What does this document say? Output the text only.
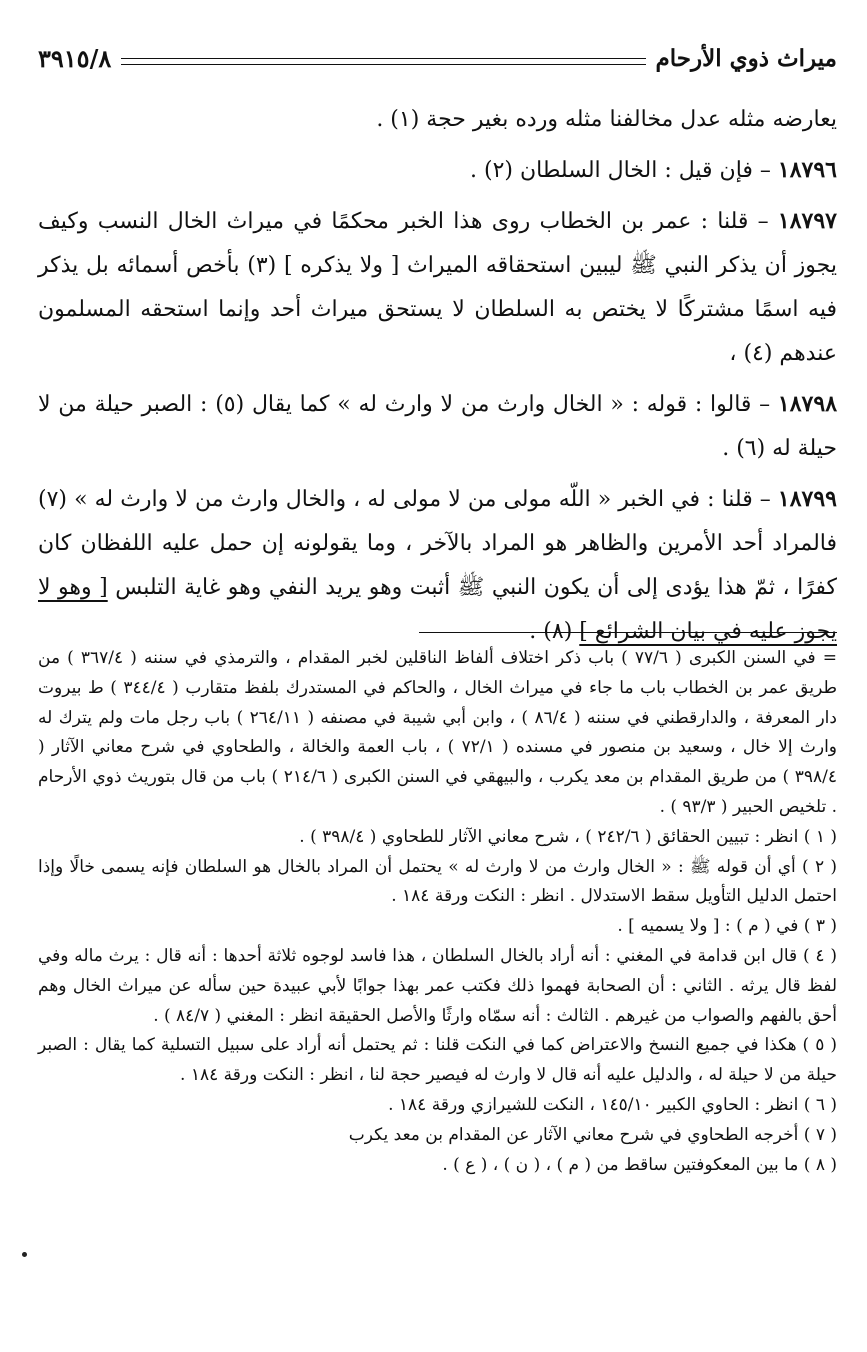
ميراث ذوي الأرحام
٣٩١٥/٨

يعارضه مثله عدل مخالفنا مثله ورده بغير حجة (١) .

١٨٧٩٦ – فإن قيل : الخال السلطان (٢) .

١٨٧٩٧ – قلنا : عمر بن الخطاب روى هذا الخبر محكمًا في ميراث الخال النسب وكيف يجوز أن يذكر النبي ﷺ ليبين استحقاقه الميراث [ ولا يذكره ] (٣) بأخص أسمائه بل يذكر فيه اسمًا مشتركًا لا يختص به السلطان لا يستحق ميراث أحد وإنما استحقه المسلمون عندهم (٤) ،

١٨٧٩٨ – قالوا : قوله : « الخال وارث من لا وارث له » كما يقال (٥) : الصبر حيلة من لا حيلة له (٦) .

١٨٧٩٩ – قلنا : في الخبر « اللّه مولى من لا مولى له ، والخال وارث من لا وارث له » (٧) فالمراد أحد الأمرين والظاهر هو المراد بالآخر ، وما يقولونه إن حمل عليه اللفظان كان كفرًا ، ثمّ هذا يؤدى إلى أن يكون النبي ﷺ أثبت وهو يريد النفي وهو غاية التلبس [ وهو لا يجوز عليه في بيان الشرائع ] (٨) .

= في السنن الكبرى ( ٧٧/٦ ) باب ذكر اختلاف ألفاظ الناقلين لخبر المقدام ، والترمذي في سننه ( ٣٦٧/٤ ) من طريق عمر بن الخطاب باب ما جاء في ميراث الخال ، والحاكم في المستدرك بلفظ متقارب ( ٣٤٤/٤ ) ط بيروت دار المعرفة ، والدارقطني في سننه ( ٨٦/٤ ) ، وابن أبي شيبة في مصنفه ( ٢٦٤/١١ ) باب رجل مات ولم يترك له وارث إلا خال ، وسعيد بن منصور في مسنده ( ٧٢/١ ) ، باب العمة والخالة ، والطحاوي في شرح معاني الآثار ( ٣٩٨/٤ ) من طريق المقدام بن معد يكرب ، والبيهقي في السنن الكبرى ( ٢١٤/٦ ) باب من قال بتوريث ذوي الأرحام . تلخيص الحبير ( ٩٣/٣ ) .

( ١ ) انظر : تبيين الحقائق ( ٢٤٢/٦ ) ، شرح معاني الآثار للطحاوي ( ٣٩٨/٤ ) .

( ٢ ) أي أن قوله ﷺ : « الخال وارث من لا وارث له » يحتمل أن المراد بالخال هو السلطان فإنه يسمى خالًا وإذا احتمل الدليل التأويل سقط الاستدلال . انظر : النكت ورقة ١٨٤ .

( ٣ ) في ( م ) : [ ولا يسميه ] .

( ٤ ) قال ابن قدامة في المغني : أنه أراد بالخال السلطان ، هذا فاسد لوجوه ثلاثة أحدها : أنه قال : يرث ماله وفي لفظ قال يرثه . الثاني : أن الصحابة فهموا ذلك فكتب عمر بهذا جوابًا لأبي عبيدة حين سأله عن ميراث الخال وهم أحق بالفهم والصواب من غيرهم . الثالث : أنه سمّاه وارثًا والأصل الحقيقة انظر : المغني ( ٨٤/٧ ) .

( ٥ ) هكذا في جميع النسخ والاعتراض كما في النكت قلنا : ثم يحتمل أنه أراد على سبيل التسلية كما يقال : الصبر حيلة من لا حيلة له ، والدليل عليه أنه قال لا وارث له فيصير حجة لنا ، انظر : النكت ورقة ١٨٤ .

( ٦ ) انظر : الحاوي الكبير ١٤٥/١٠ ، النكت للشيرازي ورقة ١٨٤ .

( ٧ ) أخرجه الطحاوي في شرح معاني الآثار عن المقدام بن معد يكرب

( ٨ ) ما بين المعكوفتين ساقط من ( م ) ، ( ن ) ، ( ع ) .
